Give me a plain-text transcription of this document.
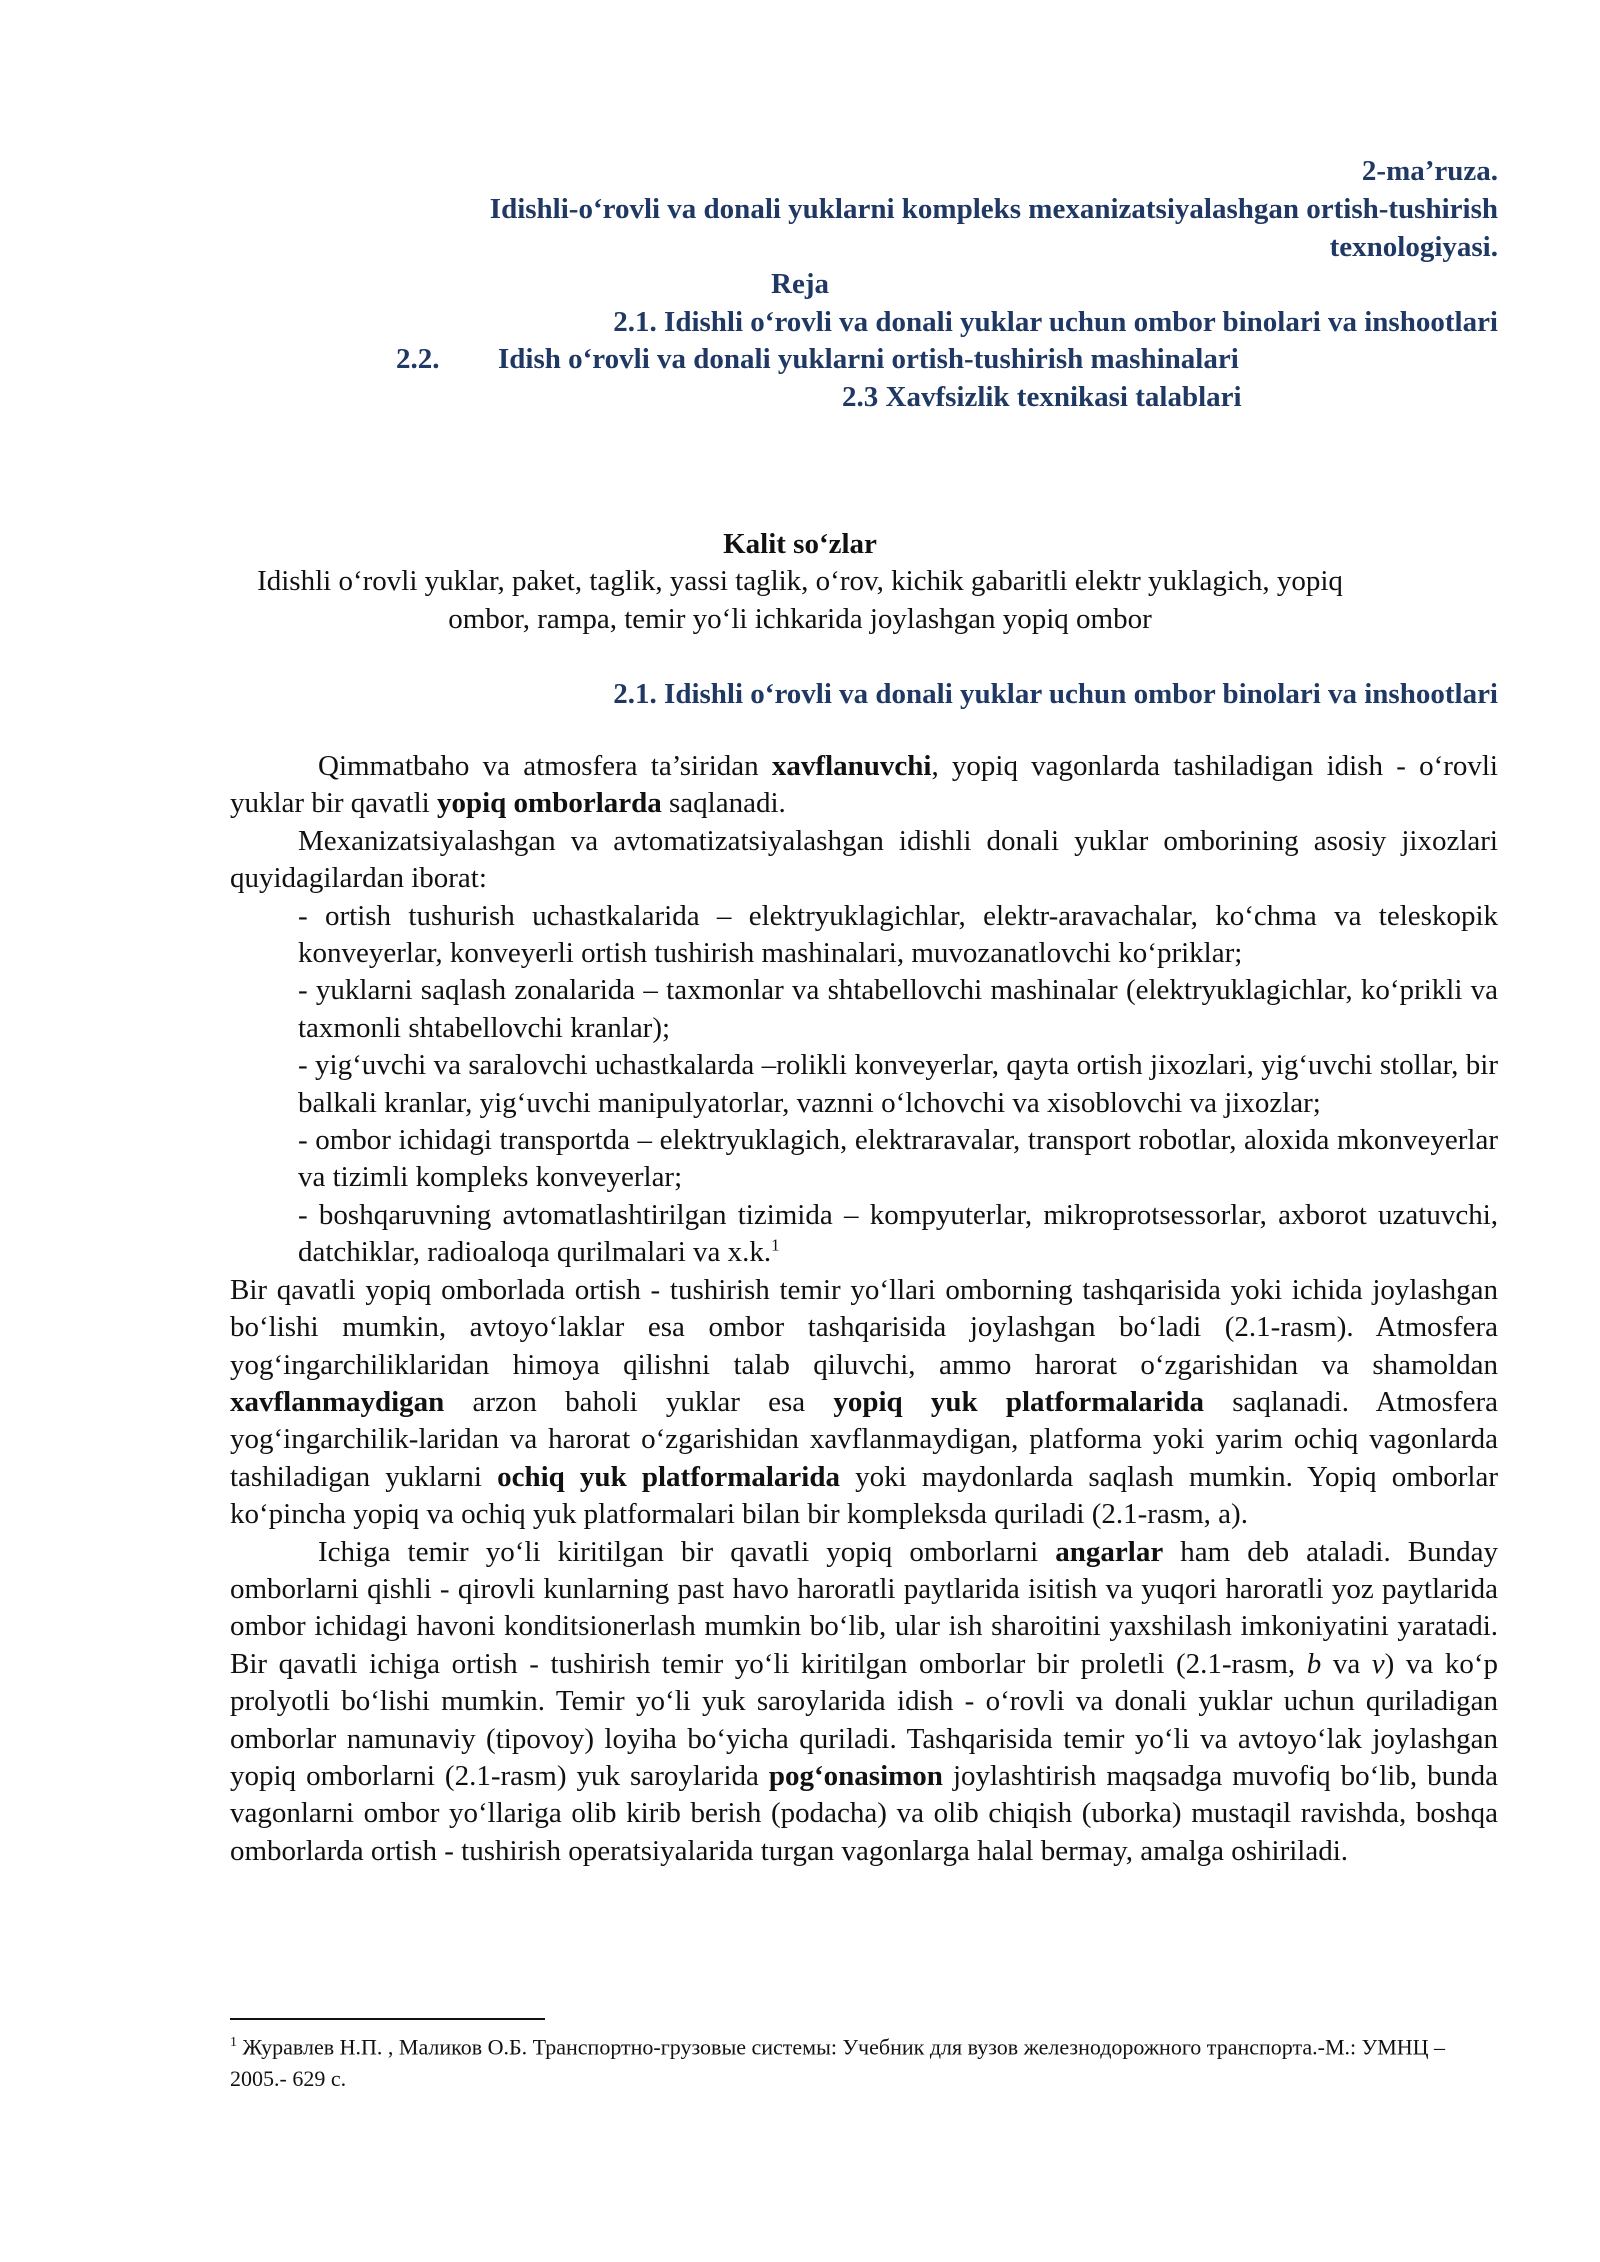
2-ma’ruza.
Idishli-o‘rovli va donali yuklarni kompleks mexanizatsiyalashgan ortish-tushirish
texnologiyasi.
Reja
2.1. Idishli o‘rovli va donali yuklar uchun ombor binolari va inshootlari
2.2. Idish o‘rovli va donali yuklarni ortish-tushirish mashinalari
2.3 Xavfsizlik texnikasi talablari
Kalit so‘zlar
Idishli o‘rovli yuklar, paket, taglik, yassi taglik, o‘rov, kichik gabaritli elektr yuklagich, yopiq ombor, rampa, temir yo‘li ichkarida joylashgan yopiq ombor
2.1. Idishli o‘rovli va donali yuklar uchun ombor binolari va inshootlari

Qimmatbaho va atmosfera ta’siridan xavflanuvchi, yopiq vagonlarda tashiladigan idish - o‘rovli yuklar bir qavatli yopiq omborlarda saqlanadi.

Mexanizatsiyalashgan va avtomatizatsiyalashgan idishli donali yuklar omborining asosiy jixozlari quyidagilardan iborat:

- ortish tushurish uchastkalarida – elektryuklagichlar, elektr-aravachalar, ko‘chma va teleskopik konveyerlar, konveyerli ortish tushirish mashinalari, muvozanatlovchi ko‘priklar;
- yuklarni saqlash zonalarida – taxmonlar va shtabellovchi mashinalar (elektryuklagichlar, ko‘prikli va taxmonli shtabellovchi kranlar);
- yig‘uvchi va saralovchi uchastkalarda –rolikli konveyerlar, qayta ortish jixozlari, yig‘uvchi stollar, bir balkali kranlar, yig‘uvchi manipulyatorlar, vaznni o‘lchovchi va xisoblovchi va jixozlar;
- ombor ichidagi transportda – elektryuklagich, elektraravalar, transport robotlar, aloxida mkonveyerlar va tizimli kompleks konveyerlar;
- boshqaruvning avtomatlashtirilgan tizimida – kompyuterlar, mikroprotsessorlar, axborot uzatuvchi, datchiklar, radioaloqa qurilmalari va x.k.$^1$

Bir qavatli yopiq omborlada ortish - tushirish temir yo‘llari omborning tashqarisida yoki ichida joylashgan bo‘lishi mumkin, avtoyo‘laklar esa ombor tashqarisida joylashgan bo‘ladi (2.1-rasm). Atmosfera yog‘ingarchiliklaridan himoya qilishni talab qiluvchi, ammo harorat o‘zgarishidan va shamoldan xavflanmaydigan arzon baholi yuklar esa yopiq yuk platformalarida saqlanadi. Atmosfera yog‘ingarchilik-laridan va harorat o‘zgarishidan xavflanmaydigan, platforma yoki yarim ochiq vagonlarda tashiladigan yuklarni ochiq yuk platformalarida yoki maydonlarda saqlash mumkin. Yopiq omborlar ko‘pincha yopiq va ochiq yuk platformalari bilan bir kompleksda quriladi (2.1-rasm, a).

Ichiga temir yo‘li kiritilgan bir qavatli yopiq omborlarni angarlar ham deb ataladi. Bunday omborlarni qishli - qirovli kunlarning past havo haroratli paytlarida isitish va yuqori haroratli yoz paytlarida ombor ichidagi havoni konditsionerlash mumkin bo‘lib, ular ish sharoitini yaxshilash imkoniyatini yaratadi. Bir qavatli ichiga ortish - tushirish temir yo‘li kiritilgan omborlar bir proletli (2.1-rasm, b va v) va ko‘p prolyotli bo‘lishi mumkin. Temir yo‘li yuk saroylarida idish - o‘rovli va donali yuklar uchun quriladigan omborlar namunaviy (tipovoy) loyiha bo‘yicha quriladi. Tashqarisida temir yo‘li va avtoyo‘lak joylashgan yopiq omborlarni (2.1-rasm) yuk saroylarida pog‘onasimon joylashtirish maqsadga muvofiq bo‘lib, bunda vagonlarni ombor yo‘llariga olib kirib berish (podacha) va olib chiqish (uborka) mustaqil ravishda, boshqa omborlarda ortish - tushirish operatsiyalarida turgan vagonlarga halal bermay, amalga oshiriladi.

$^1$ Журавлев Н.П. , Маликов О.Б. Транспортно-грузовые системы: Учебник для вузов железнодорожного транспорта.-М.: УМНЦ – 2005.- 629 с.
